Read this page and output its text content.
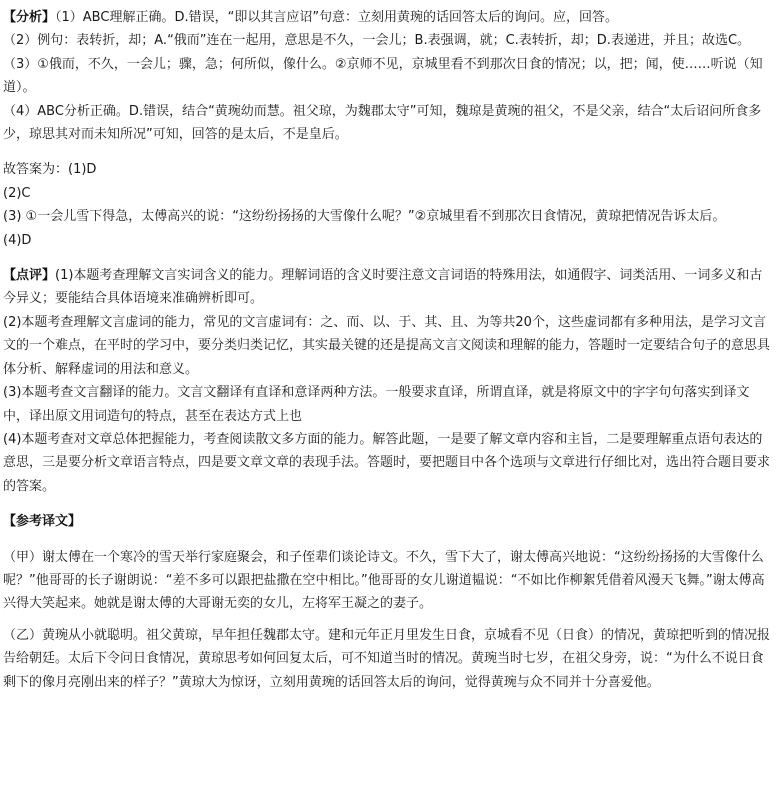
【分析】（1）ABC理解正确。D.错误，“即以其言应诏”句意：立刻用黄琬的话回答太后的询问。应，回答。

（2）例句：表转折，却；A.“俄而”连在一起用，意思是不久，一会儿；B.表强调，就；C.表转折，却；D.表递进，并且；故选C。

（3）①俄而，不久，一会儿；骤，急；何所似，像什么。②京师不见，京城里看不到那次日食的情况；以，把；闻，使……听说（知道）。

（4）ABC分析正确。D.错误，结合“黄琬幼而慧。祖父琼，为魏郡太守”可知，魏琼是黄琬的祖父，不是父亲，结合“太后诏问所食多少，琼思其对而未知所况”可知，回答的是太后，不是皇后。

故答案为：(1)D

(2)C

(3) ①一会儿雪下得急，太傅高兴的说：“这纷纷扬扬的大雪像什么呢？”②京城里看不到那次日食情况，黄琼把情况告诉太后。

(4)D

【点评】(1)本题考查理解文言实词含义的能力。理解词语的含义时要注意文言词语的特殊用法，如通假字、词类活用、一词多义和古今异义；要能结合具体语境来准确辨析即可。

(2)本题考查理解文言虚词的能力，常见的文言虚词有：之、而、以、于、其、且、为等共20个，这些虚词都有多种用法，是学习文言文的一个难点，在平时的学习中，要分类归类记忆，其实最关键的还是提高文言文阅读和理解的能力，答题时一定要结合句子的意思具体分析、解释虚词的用法和意义。

(3)本题考查文言翻译的能力。文言文翻译有直译和意译两种方法。一般要求直译，所谓直译，就是将原文中的字字句句落实到译文中，译出原文用词造句的特点，甚至在表达方式上也

(4)本题考查对文章总体把握能力，考查阅读散文多方面的能力。解答此题，一是要了解文章内容和主旨，二是要理解重点语句表达的意思，三是要分析文章语言特点，四是要文章文章的表现手法。答题时，要把题目中各个选项与文章进行仔细比对，选出符合题目要求的答案。

【参考译文】

（甲）谢太傅在一个寒冷的雪天举行家庭聚会，和子侄辈们谈论诗文。不久，雪下大了，谢太傅高兴地说：“这纷纷扬扬的大雪像什么呢？”他哥哥的长子谢朗说：“差不多可以跟把盐撒在空中相比。”他哥哥的女儿谢道韫说：“不如比作柳絮凭借着风漫天飞舞。”谢太傅高兴得大笑起来。她就是谢太傅的大哥谢无奕的女儿，左将军王凝之的妻子。

（乙）黄琬从小就聪明。祖父黄琼，早年担任魏郡太守。建和元年正月里发生日食，京城看不见（日食）的情况，黄琼把听到的情况报告给朝廷。太后下令问日食情况，黄琼思考如何回复太后，可不知道当时的情况。黄琬当时七岁，在祖父身旁，说：“为什么不说日食剩下的像月亮刚出来的样子？”黄琼大为惊讶，立刻用黄琬的话回答太后的询问，觉得黄琬与众不同并十分喜爱他。
